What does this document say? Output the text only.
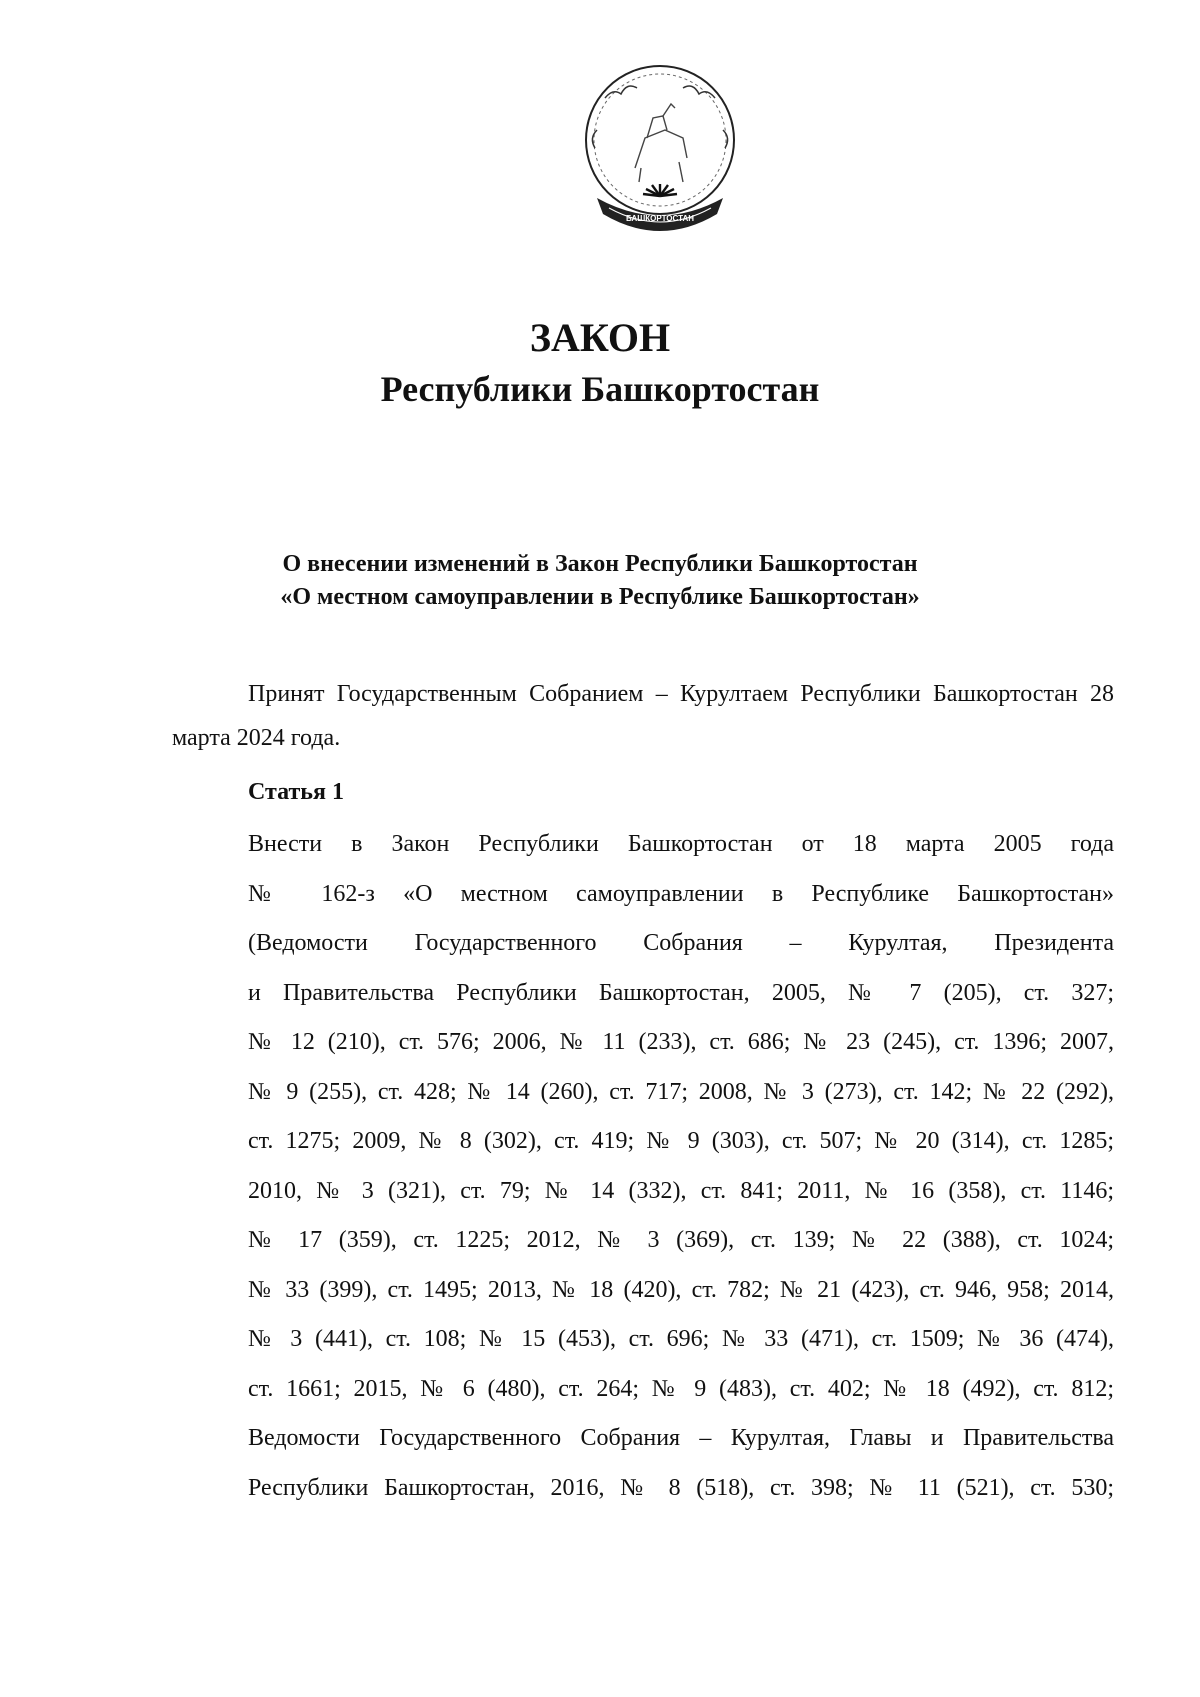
БАШКОРТОСТАН

ЗАКОН

Республики Башкортостан

О внесении изменений в Закон Республики Башкортостан
«О местном самоуправлении в Республике Башкортостан»
Принят Государственным Собранием – Курултаем Республики Башкортостан 28 марта 2024 года.
Статья 1
Внести в Закон Республики Башкортостан от 18 марта 2005 года
№ 162-з «О местном самоуправлении в Республике Башкортостан»
(Ведомости Государственного Собрания – Курултая, Президента
и Правительства Республики Башкортостан, 2005, № 7 (205), ст. 327;
№ 12 (210), ст. 576; 2006, № 11 (233), ст. 686; № 23 (245), ст. 1396; 2007,
№ 9 (255), ст. 428; № 14 (260), ст. 717; 2008, № 3 (273), ст. 142; № 22 (292),
ст. 1275; 2009, № 8 (302), ст. 419; № 9 (303), ст. 507; № 20 (314), ст. 1285;
2010, № 3 (321), ст. 79; № 14 (332), ст. 841; 2011, № 16 (358), ст. 1146;
№ 17 (359), ст. 1225; 2012, № 3 (369), ст. 139; № 22 (388), ст. 1024;
№ 33 (399), ст. 1495; 2013, № 18 (420), ст. 782; № 21 (423), ст. 946, 958; 2014,
№ 3 (441), ст. 108; № 15 (453), ст. 696; № 33 (471), ст. 1509; № 36 (474),
ст. 1661; 2015, № 6 (480), ст. 264; № 9 (483), ст. 402; № 18 (492), ст. 812;
Ведомости Государственного Собрания – Курултая, Главы и Правительства
Республики Башкортостан, 2016, № 8 (518), ст. 398; № 11 (521), ст. 530;
